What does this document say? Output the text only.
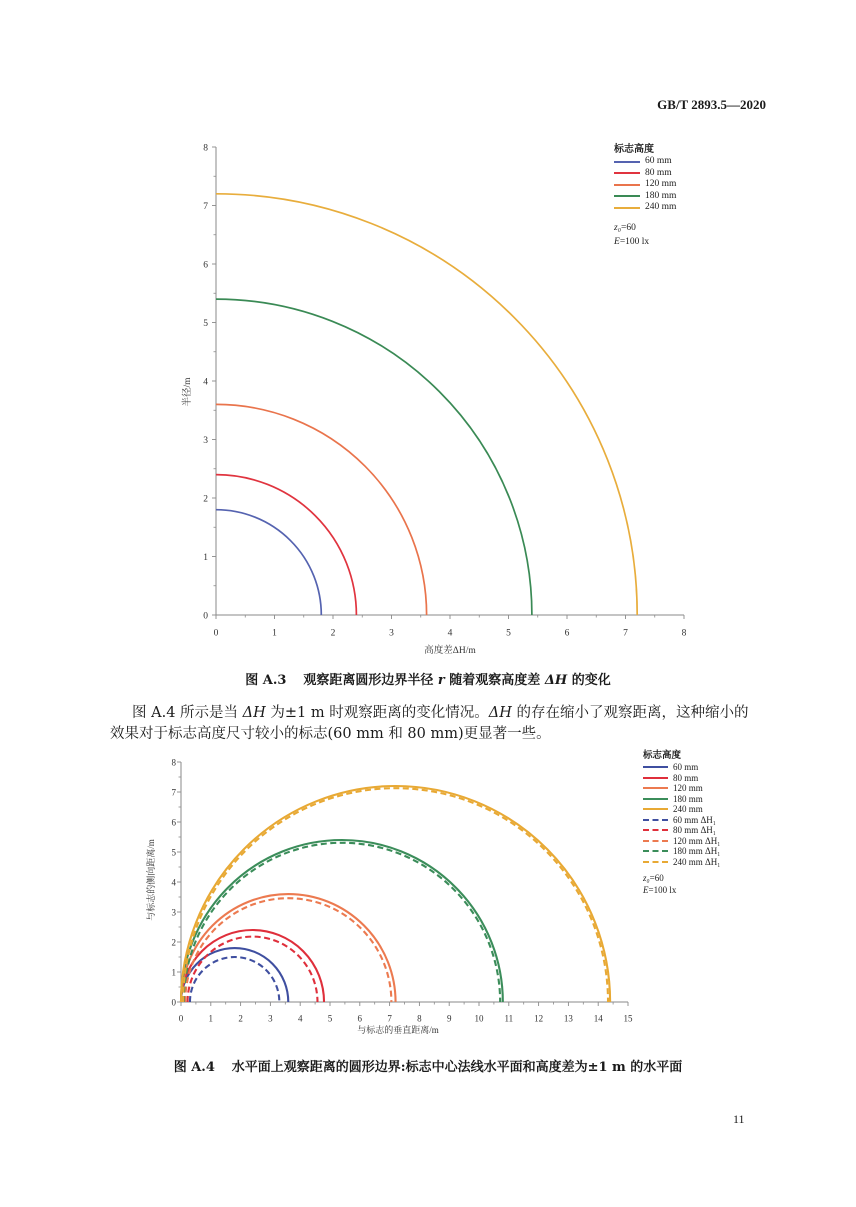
GB/T 2893.5—2020
半径/m
高度差ΔH/m
0
1
2
3
4
5
6
7
8
0	1	2	3	4	5	6	7	8
标志高度
60 mm
80 mm
120 mm
180 mm
240 mm
z₀=60
E=100 lx
图 A.3 观察距离圆形边界半径 r 随着观察高度差 ΔH 的变化
图 A.4 所示是当 ΔH 为±1 m 时观察距离的变化情况。ΔH 的存在缩小了观察距离，这种缩小的
效果对于标志高度尺寸较小的标志(60 mm 和 80 mm)更显著一些。
与标志的侧向距离/m
与标志的垂直距离/m
0
1
2
3
4
5
6
7
8
0	1	2	3	4	5	6	7	8	9	10 11 12 13 14 15
标志高度
60 mm
80 mm
120 mm
180 mm
240 mm
60 mm ΔH₁
80 mm ΔH₁
120 mm ΔH₁
180 mm ΔH₁
240 mm ΔH₁
z₀=60
E=100 lx
图 A.4 水平面上观察距离的圆形边界:标志中心法线水平面和高度差为±1 m 的水平面
11
